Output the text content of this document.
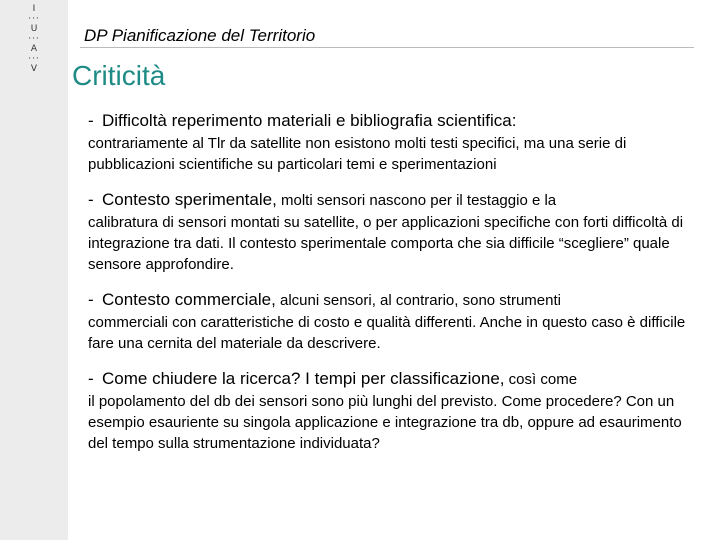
I
···
U
···
A
···
V
DP Pianificazione del Territorio
Criticità
- Difficoltà reperimento materiali e bibliografia scientifica:
contrariamente al Tlr da satellite non esistono molti testi specifici, ma una serie di pubblicazioni scientifiche su particolari temi e sperimentazioni
- Contesto sperimentale, molti sensori nascono per il testaggio e la
calibratura di sensori montati su satellite, o per applicazioni specifiche con forti difficoltà di integrazione tra dati. Il contesto sperimentale comporta che sia difficile “scegliere” quale sensore approfondire.
- Contesto commerciale, alcuni sensori, al contrario, sono strumenti
commerciali con caratteristiche di costo e qualità differenti. Anche in questo caso è difficile fare una cernita del materiale da descrivere.
- Come chiudere la ricerca? I tempi per classificazione, così come
il popolamento del db dei sensori sono più lunghi del previsto. Come procedere? Con un esempio esauriente su singola applicazione e integrazione tra db, oppure ad esaurimento del tempo sulla strumentazione individuata?
